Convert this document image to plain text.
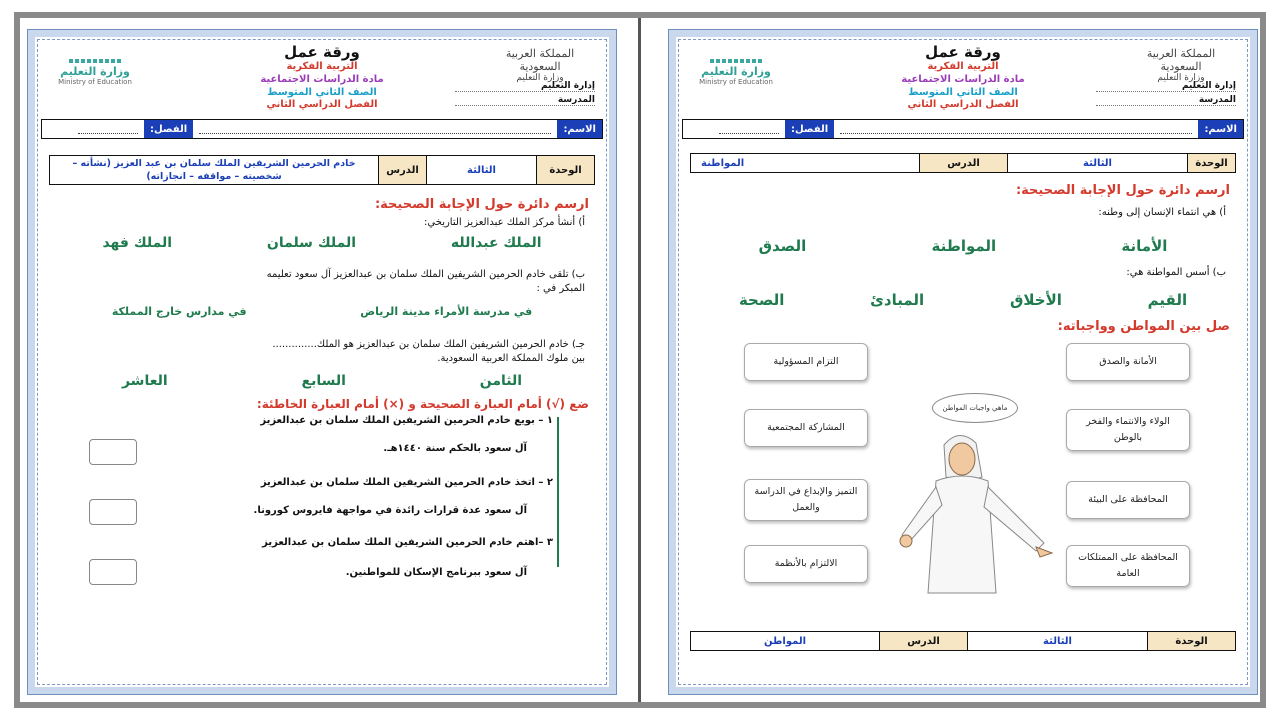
المملكة العربية السعودية
وزارة التعليم
إدارة التعليم
المدرسة
ورقة عمل
التربية الفكرية
مادة الدراسات الاجتماعية
الصف الثاني المتوسط
الفصل الدراسي الثاني
وزارة التعليم
Ministry of Education
الاسم:
الفصل:
الوحدة
الثالثة
الدرس
خادم الحرمين الشريفين الملك سلمان بن عبد العزيز (نشأته – شخصيته – مواقفه – انجازاته)
ارسم دائرة حول الإجابة الصحيحة:
أ) أنشأ مركز الملك عبدالعزيز التاريخي:
الملك عبدالله
الملك سلمان
الملك فهد
ب) تلقى خادم الحرمين الشريفين الملك سلمان بن عبدالعزيز آل سعود تعليمه
المبكر في :
في مدرسة الأمراء مدينة الرياض
في مدارس خارج المملكة
جـ) خادم الحرمين الشريفين الملك سلمان بن عبدالعزيز هو الملك..............
بين ملوك المملكة العربية السعودية.
الثامن
السابع
العاشر
ضع (√) أمام العبارة الصحيحة و (×) أمام العبارة الخاطئة:
١ – بويع خادم الحرمين الشريفين الملك سلمان بن عبدالعزيز
آل سعود بالحكم سنة ١٤٤٠هـ.
٢ – اتخذ خادم الحرمين الشريفين الملك سلمان بن عبدالعزيز
آل سعود عدة قرارات رائدة في مواجهة فايروس كورونا.
٣ –اهتم خادم الحرمين الشريفين الملك سلمان بن عبدالعزيز
آل سعود ببرنامج الإسكان للمواطنين.
المملكة العربية السعودية
وزارة التعليم
إدارة التعليم
المدرسة
ورقة عمل
التربية الفكرية
مادة الدراسات الاجتماعية
الصف الثاني المتوسط
الفصل الدراسي الثاني
وزارة التعليم
Ministry of Education
الاسم:
الفصل:
الوحدة
الثالثة
الدرس
المواطنة
ارسم دائرة حول الإجابة الصحيحة:
أ) هي انتماء الإنسان إلى وطنه:
الأمانة
المواطنة
الصدق
ب) أسس المواطنة هي:
القيم
الأخلاق
المبادئ
الصحة
صل بين المواطن وواجباته:
الأمانة والصدق
الولاء والانتماء والفخر بالوطن
المحافظة على البيئة
المحافظة على الممتلكات العامة
التزام المسؤولية
المشاركة المجتمعية
التميز والإبداع في الدراسة والعمل
الالتزام بالأنظمة
ماهي واجبات المواطن
الوحدة
الثالثة
الدرس
المواطن
